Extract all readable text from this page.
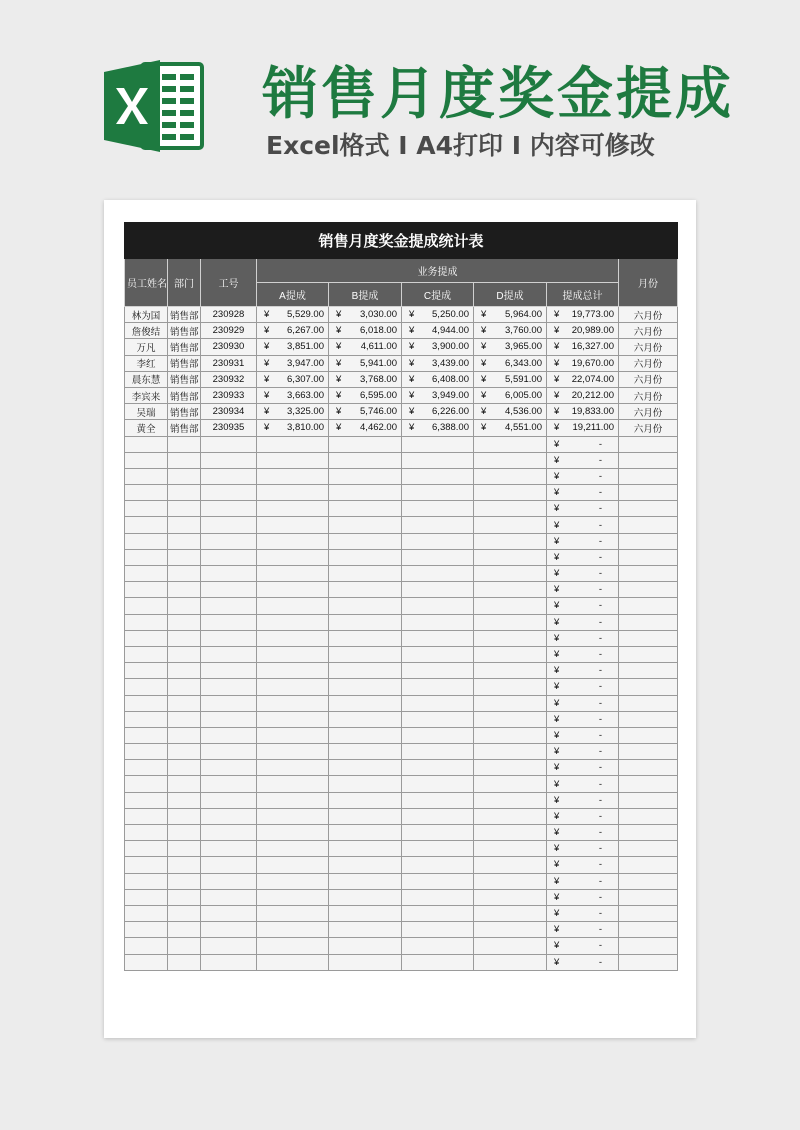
销售月度奖金提成
Excel格式 I A4打印 I 内容可修改
销售月度奖金提成统计表								
员工姓名	部门	工号	业务提成					月份
			A提成	B提成	C提成	D提成	提成总计	
林为国	销售部	230928	¥ 5,529.00	¥ 3,030.00	¥ 5,250.00	¥ 5,964.00	¥ 19,773.00	六月份
詹俊结	销售部	230929	¥ 6,267.00	¥ 6,018.00	¥ 4,944.00	¥ 3,760.00	¥ 20,989.00	六月份
万凡	销售部	230930	¥ 3,851.00	¥ 4,611.00	¥ 3,900.00	¥ 3,965.00	¥ 16,327.00	六月份
李红	销售部	230931	¥ 3,947.00	¥ 5,941.00	¥ 3,439.00	¥ 6,343.00	¥ 19,670.00	六月份
晨东慧	销售部	230932	¥ 6,307.00	¥ 3,768.00	¥ 6,408.00	¥ 5,591.00	¥ 22,074.00	六月份
李宾来	销售部	230933	¥ 3,663.00	¥ 6,595.00	¥ 3,949.00	¥ 6,005.00	¥ 20,212.00	六月份
吴瑞	销售部	230934	¥ 3,325.00	¥ 5,746.00	¥ 6,226.00	¥ 4,536.00	¥ 19,833.00	六月份
黄全	销售部	230935	¥ 3,810.00	¥ 4,462.00	¥ 6,388.00	¥ 4,551.00	¥ 19,211.00	六月份

							¥ -	

							¥ -	

							¥ -	

							¥ -	

							¥ -	

							¥ -	

							¥ -	

							¥ -	

							¥ -	

							¥ -	

							¥ -	

							¥ -	

							¥ -	

							¥ -	

							¥ -	

							¥ -	

							¥ -	

							¥ -	

							¥ -	

							¥ -	

							¥ -	

							¥ -	

							¥ -	

							¥ -	

							¥ -	

							¥ -	

							¥ -	

							¥ -	

							¥ -	

							¥ -	

							¥ -	

							¥ -	

							¥ -	
